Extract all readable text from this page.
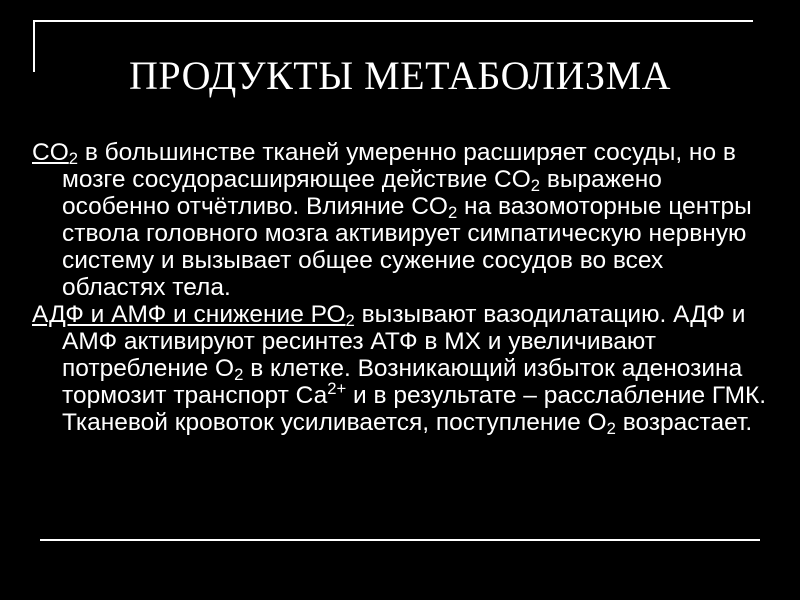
ПРОДУКТЫ МЕТАБОЛИЗМА

$CO_2$ в большинстве тканей умеренно расширяет сосуды, но в мозге сосудорасширяющее действие $CO_2$ выражено особенно отчётливо. Влияние $CO_2$ на вазомоторные центры ствола головного мозга активирует симпатическую нервную систему и вызывает общее сужение сосудов во всех областях тела.

АДФ и АМФ и снижение $РО_2$ вызывают вазодилатацию. АДФ и АМФ активируют ресинтез АТФ в МХ и увеличивают потребление $О_2$ в клетке. Возникающий избыток аденозина тормозит транспорт $Са^{2+}$ и в результате – расслабление ГМК. Тканевой кровоток усиливается, поступление $О_2$ возрастает.
